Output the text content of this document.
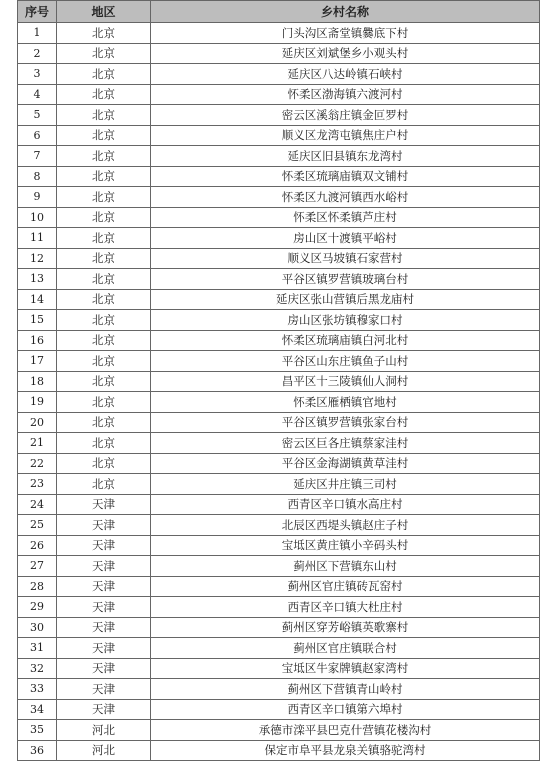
序号	地区	乡村名称
1	北京	门头沟区斋堂镇爨底下村
2	北京	延庆区刘斌堡乡小观头村
3	北京	延庆区八达岭镇石峡村
4	北京	怀柔区渤海镇六渡河村
5	北京	密云区溪翁庄镇金叵罗村
6	北京	顺义区龙湾屯镇焦庄户村
7	北京	延庆区旧县镇东龙湾村
8	北京	怀柔区琉璃庙镇双文铺村
9	北京	怀柔区九渡河镇西水峪村
10	北京	怀柔区怀柔镇芦庄村
11	北京	房山区十渡镇平峪村
12	北京	顺义区马坡镇石家营村
13	北京	平谷区镇罗营镇玻璃台村
14	北京	延庆区张山营镇后黑龙庙村
15	北京	房山区张坊镇穆家口村
16	北京	怀柔区琉璃庙镇白河北村
17	北京	平谷区山东庄镇鱼子山村
18	北京	昌平区十三陵镇仙人洞村
19	北京	怀柔区雁栖镇官地村
20	北京	平谷区镇罗营镇张家台村
21	北京	密云区巨各庄镇蔡家洼村
22	北京	平谷区金海湖镇黄草洼村
23	北京	延庆区井庄镇三司村
24	天津	西青区辛口镇水高庄村
25	天津	北辰区西堤头镇赵庄子村
26	天津	宝坻区黄庄镇小辛码头村
27	天津	蓟州区下营镇东山村
28	天津	蓟州区官庄镇砖瓦窑村
29	天津	西青区辛口镇大杜庄村
30	天津	蓟州区穿芳峪镇英歌寨村
31	天津	蓟州区官庄镇联合村
32	天津	宝坻区牛家牌镇赵家湾村
33	天津	蓟州区下营镇青山岭村
34	天津	西青区辛口镇第六埠村
35	河北	承德市滦平县巴克什营镇花楼沟村
36	河北	保定市阜平县龙泉关镇骆驼湾村
